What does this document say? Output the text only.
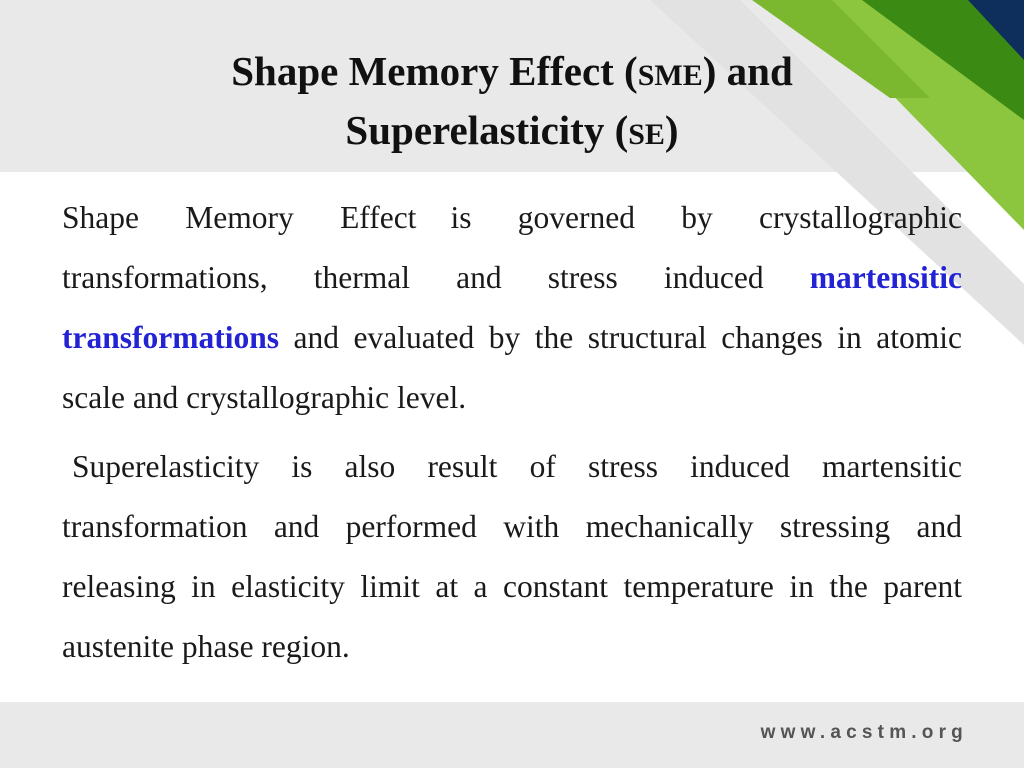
Shape Memory Effect (SME) and
Superelasticity (SE)

Shape Memory Effect is governed by crystallographic transformations, thermal and stress induced martensitic transformations and evaluated by the structural changes in atomic scale and crystallographic level.

Superelasticity is also result of stress induced martensitic transformation and performed with mechanically stressing and releasing in elasticity limit at a constant temperature in the parent austenite phase region.

www.acstm.org
